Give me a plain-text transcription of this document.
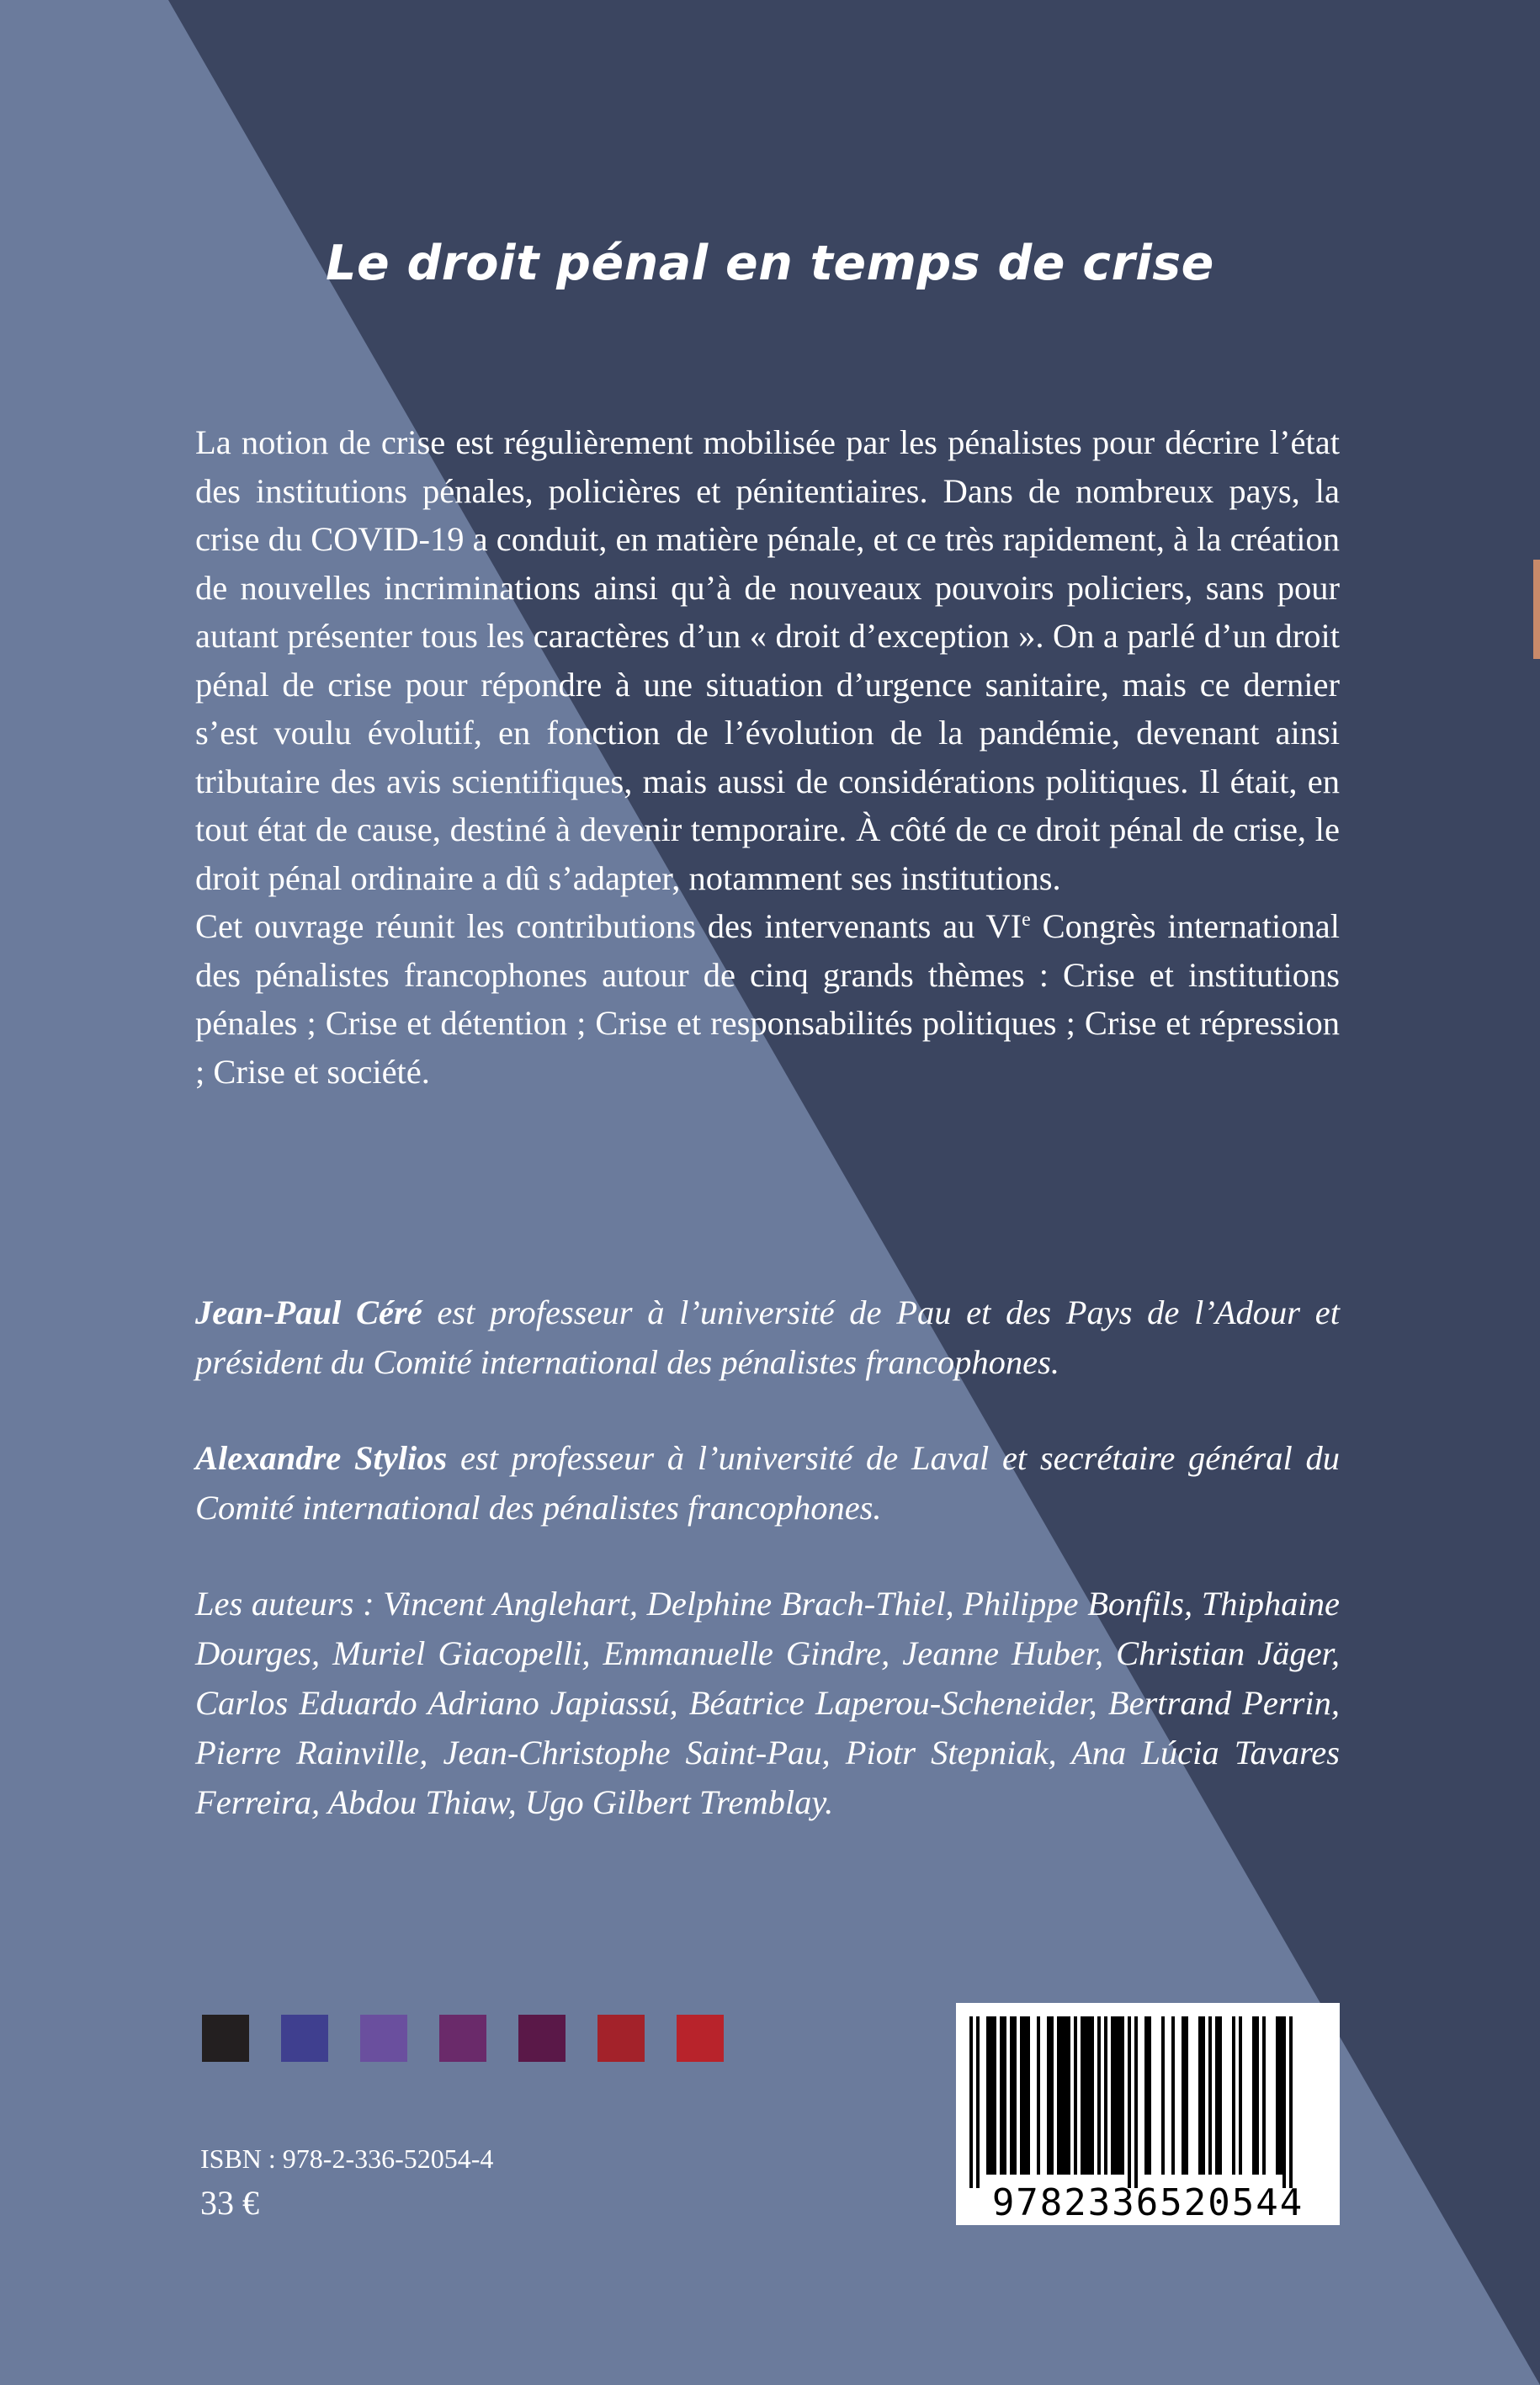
Le droit pénal en temps de crise

La notion de crise est régulièrement mobilisée par les pénalistes pour décrire l’état des institutions pénales, policières et pénitentiaires. Dans de nombreux pays, la crise du COVID-19 a conduit, en matière pénale, et ce très rapidement, à la création de nouvelles incriminations ainsi qu’à de nouveaux pouvoirs policiers, sans pour autant présenter tous les caractères d’un « droit d’exception ». On a parlé d’un droit pénal de crise pour répondre à une situation d’urgence sanitaire, mais ce dernier s’est voulu évolutif, en fonction de l’évolution de la pandémie, devenant ainsi tributaire des avis scientifiques, mais aussi de considérations politiques. Il était, en tout état de cause, destiné à devenir temporaire. À côté de ce droit pénal de crise, le droit pénal ordinaire a dû s’adapter, notamment ses institutions.

Cet ouvrage réunit les contributions des intervenants au VIe Congrès international des pénalistes francophones autour de cinq grands thèmes : Crise et institutions pénales ; Crise et détention ; Crise et responsabilités politiques ; Crise et répression ; Crise et société.

Jean-Paul Céré est professeur à l’université de Pau et des Pays de l’Adour et président du Comité international des pénalistes francophones.

Alexandre Stylios est professeur à l’université de Laval et secrétaire général du Comité international des pénalistes francophones.

Les auteurs : Vincent Anglehart, Delphine Brach-Thiel, Philippe Bonfils, Thiphaine Dourges, Muriel Giacopelli, Emmanuelle Gindre, Jeanne Huber, Christian Jäger, Carlos Eduardo Adriano Japiassú, Béatrice Laperou-Scheneider, Bertrand Perrin, Pierre Rainville, Jean-Christophe Saint-Pau, Piotr Stepniak, Ana Lúcia Tavares Ferreira, Abdou Thiaw, Ugo Gilbert Tremblay.

9782336520544

ISBN : 978-2-336-52054-4

33 €
